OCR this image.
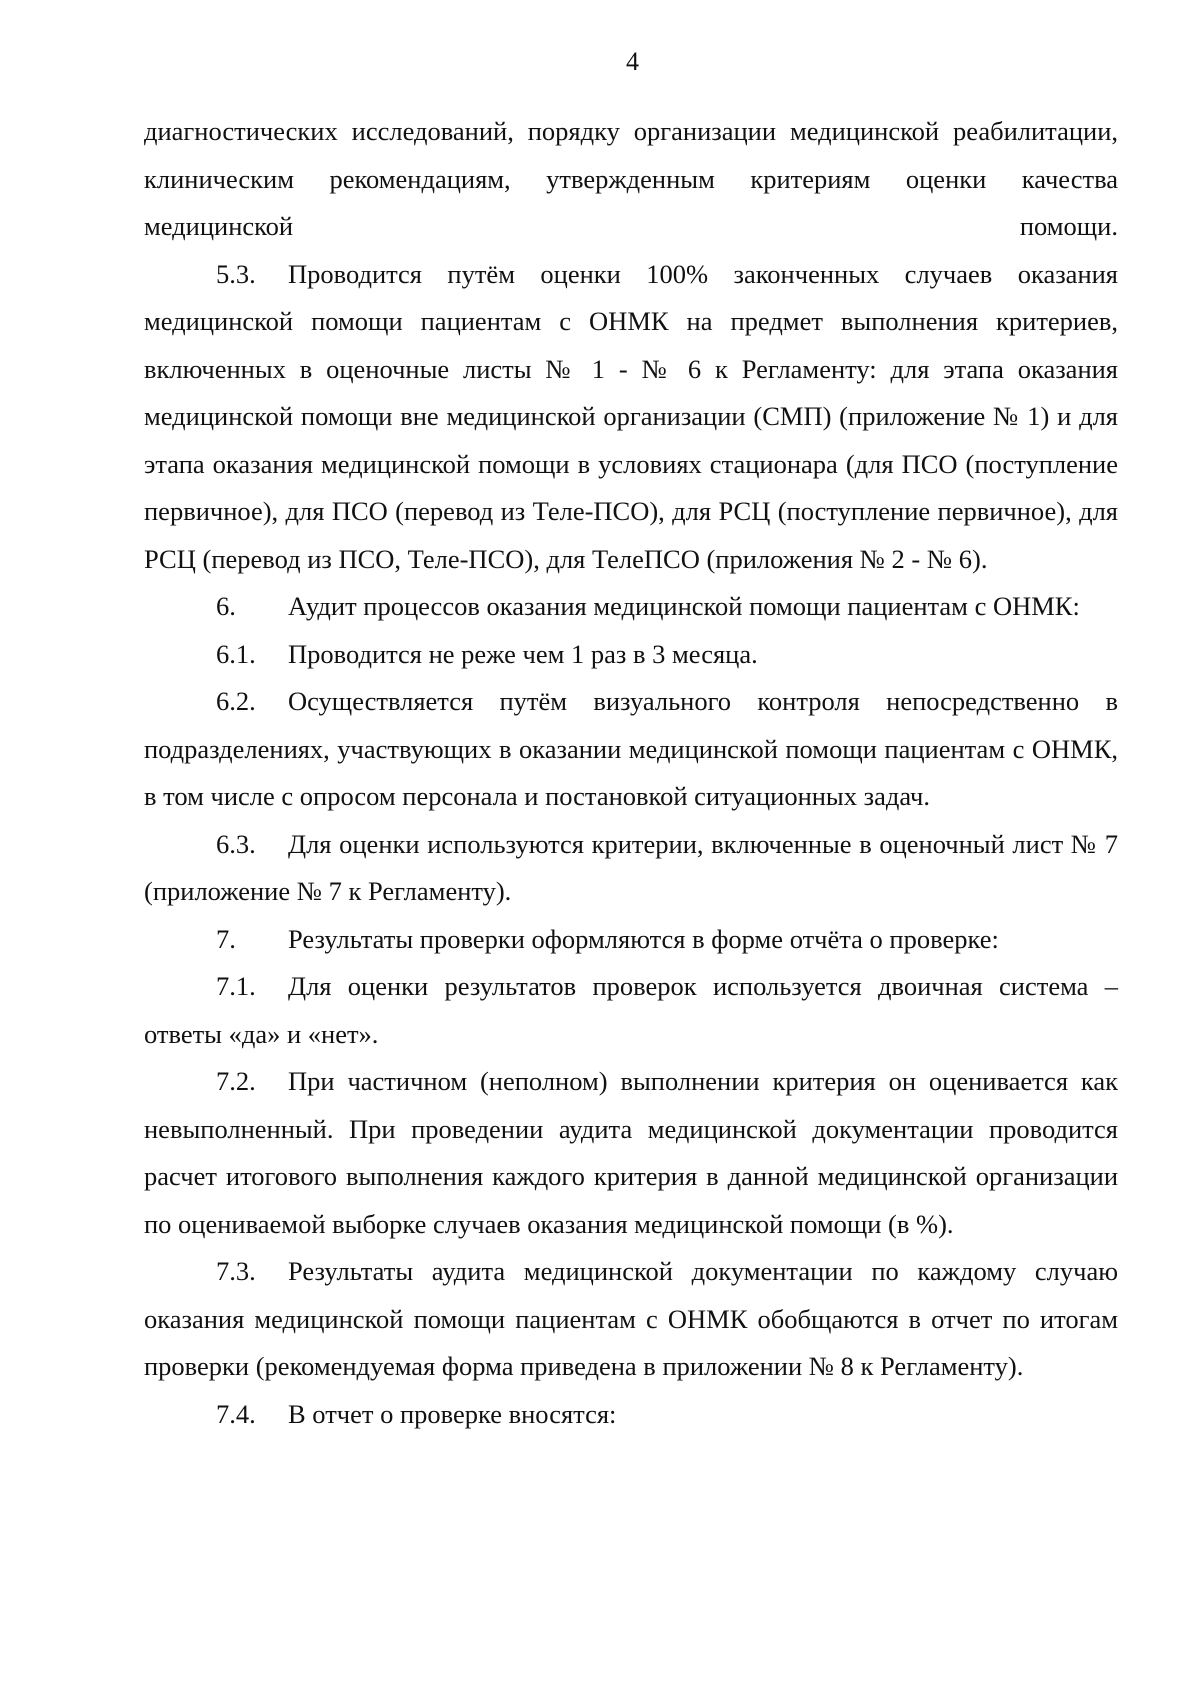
4

диагностических исследований, порядку организации медицинской реабилитации, клиническим рекомендациям, утвержденным критериям оценки качества медицинской помощи.

5.3. Проводится путём оценки 100% законченных случаев оказания медицинской помощи пациентам с ОНМК на предмет выполнения критериев, включенных в оценочные листы № 1 - № 6 к Регламенту: для этапа оказания медицинской помощи вне медицинской организации (СМП) (приложение № 1) и для этапа оказания медицинской помощи в условиях стационара (для ПСО (поступление первичное), для ПСО (перевод из Теле-ПСО), для РСЦ (поступление первичное), для РСЦ (перевод из ПСО, Теле-ПСО), для ТелеПСО (приложения № 2 - № 6).

6. Аудит процессов оказания медицинской помощи пациентам с ОНМК:

6.1. Проводится не реже чем 1 раз в 3 месяца.

6.2. Осуществляется путём визуального контроля непосредственно в подразделениях, участвующих в оказании медицинской помощи пациентам с ОНМК, в том числе с опросом персонала и постановкой ситуационных задач.

6.3. Для оценки используются критерии, включенные в оценочный лист № 7 (приложение № 7 к Регламенту).

7. Результаты проверки оформляются в форме отчёта о проверке:

7.1. Для оценки результатов проверок используется двоичная система – ответы «да» и «нет».

7.2. При частичном (неполном) выполнении критерия он оценивается как невыполненный. При проведении аудита медицинской документации проводится расчет итогового выполнения каждого критерия в данной медицинской организации по оцениваемой выборке случаев оказания медицинской помощи (в %).

7.3. Результаты аудита медицинской документации по каждому случаю оказания медицинской помощи пациентам с ОНМК обобщаются в отчет по итогам проверки (рекомендуемая форма приведена в приложении № 8 к Регламенту).

7.4. В отчет о проверке вносятся:
